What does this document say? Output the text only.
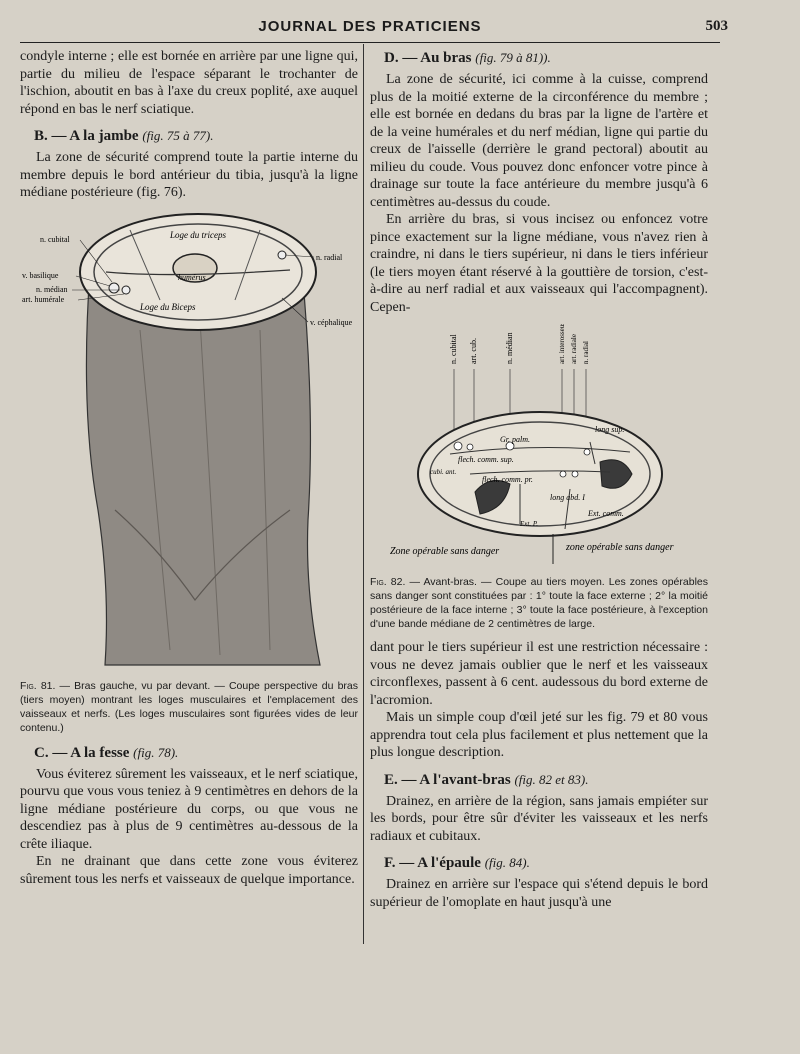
JOURNAL DES PRATICIENS	503

condyle interne ; elle est bornée en arrière par une ligne qui, partie du milieu de l'espace séparant le trochanter de l'ischion, aboutit en bas à l'axe du creux poplité, axe auquel répond en bas le nerf sciatique.

B. — A la jambe (fig. 75 à 77).

La zone de sécurité comprend toute la partie interne du membre depuis le bord antérieur du tibia, jusqu'à la ligne médiane postérieure (fig. 76).

Loge du triceps
humérus
Loge du Biceps
n. cubital
v. basilique
n. médian
art. humérale
n. radial
v. céphalique
Fig. 81. — Bras gauche, vu par devant. — Coupe perspective du bras (tiers moyen) montrant les loges musculaires et l'emplacement des vaisseaux et nerfs. (Les loges musculaires sont figurées vides de leur contenu.)
C. — A la fesse (fig. 78).

Vous éviterez sûrement les vaisseaux, et le nerf sciatique, pourvu que vous vous teniez à 9 centimètres en dehors de la ligne médiane postérieure du corps, ou que vous ne descendiez pas à plus de 9 centimètres au-dessous de la crête iliaque.

En ne drainant que dans cette zone vous éviterez sûrement tous les nerfs et vaisseaux de quelque importance.

D. — Au bras (fig. 79 à 81)).

La zone de sécurité, ici comme à la cuisse, comprend plus de la moitié externe de la circonférence du membre ; elle est bornée en dedans du bras par la ligne de l'artère et de la veine humérales et du nerf médian, ligne qui partie du creux de l'aisselle (derrière le grand pectoral) aboutit au milieu du coude. Vous pouvez donc enfoncer votre pince à drainage sur toute la face antérieure du membre jusqu'à 6 centimètres au-dessus du coude.

En arrière du bras, si vous incisez ou enfoncez votre pince exactement sur la ligne médiane, vous n'avez rien à craindre, ni dans le tiers supérieur, ni dans le tiers inférieur (le tiers moyen étant réservé à la gouttière de torsion, c'est-à-dire au nerf radial et aux vaisseaux qui l'accompagnent). Cepen-

n. cubital art. cub.	n. médian	art. interosseuse art. radiale n. radial
Gr. palm.
long sup.
flech. comm. sup.
cubi. ant.
flech. comm. pr.
long abd. I
Ext. comm.
Ext. P.
Zone opérable sans danger	zone opérable sans danger
Fig. 82. — Avant-bras. — Coupe au tiers moyen. Les zones opérables sans danger sont constituées par : 1° toute la face externe ; 2° la moitié postérieure de la face interne ; 3° toute la face postérieure, à l'exception d'une bande médiane de 2 centimètres de large.

dant pour le tiers supérieur il est une restriction nécessaire : vous ne devez jamais oublier que le nerf et les vaisseaux circonflexes, passent à 6 cent. audessous du bord externe de l'acromion.

Mais un simple coup d'œil jeté sur les fig. 79 et 80 vous apprendra tout cela plus facilement et plus nettement que la plus longue description.

E. — A l'avant-bras (fig. 82 et 83).

Drainez, en arrière de la région, sans jamais empiéter sur les bords, pour être sûr d'éviter les vaisseaux et les nerfs radiaux et cubitaux.

F. — A l'épaule (fig. 84).

Drainez en arrière sur l'espace qui s'étend depuis le bord supérieur de l'omoplate en haut jusqu'à une
